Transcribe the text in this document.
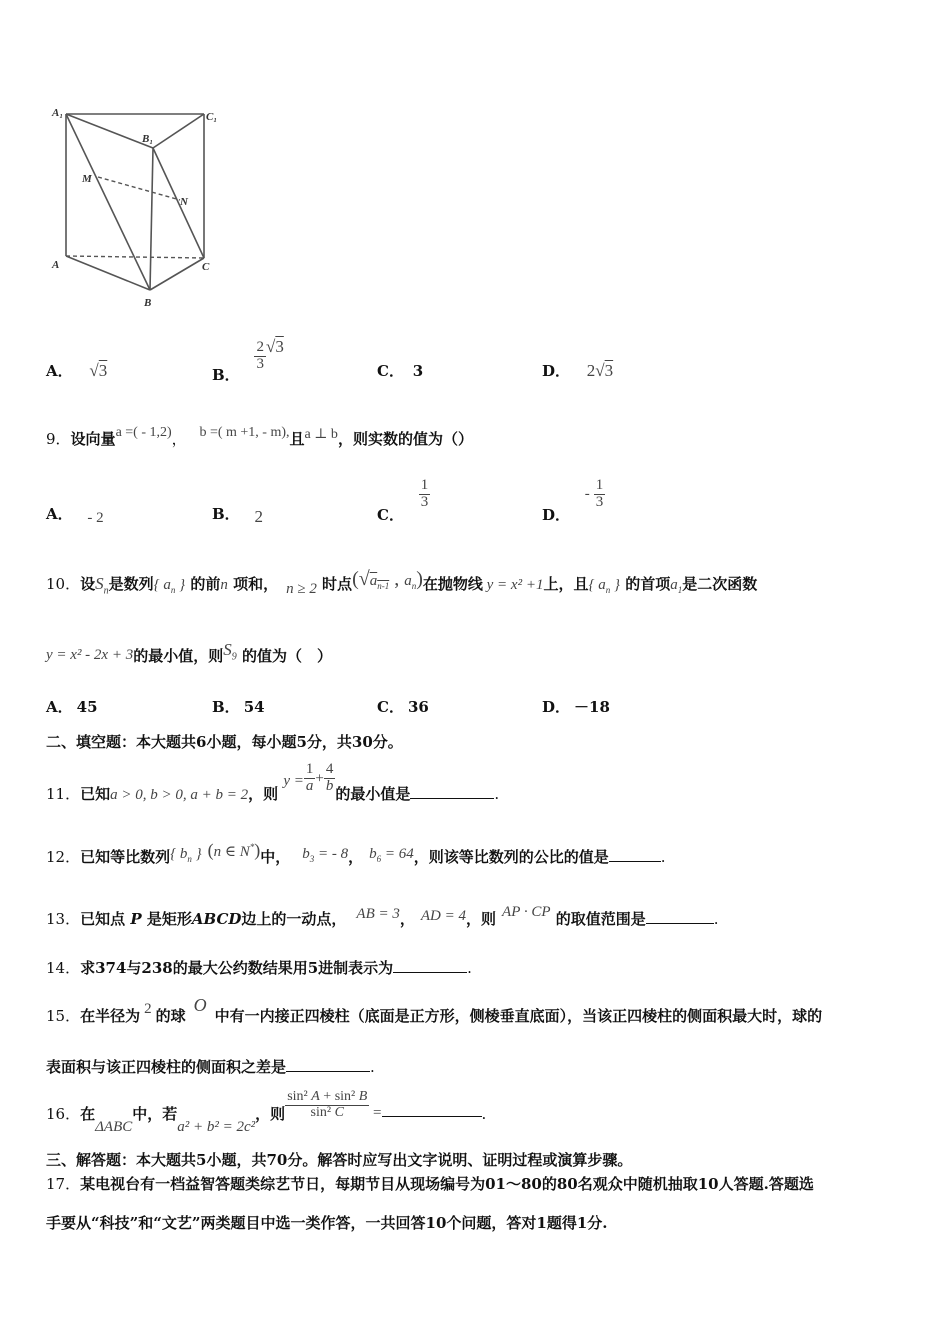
A₁	C₁
B₁
M
N
A	C
B
A． √3	B．
$\frac{2}{3} √3$
C． 3	D． 2√3
9．设向量a =( - 1,2)， b =( m +1, - m),且a ⊥ b，则实数的值为（）
A． - 2	B． 2	C．
$\frac{1}{3}$
D． - $\frac{1}{3}$
10．设$S_n$是数列{ $a_n$ } 的前n 项和， n ≥ 2 时点($√a_{n-1}$ , $a_n$)在抛物线 y = x² +1上，且{ $a_n$ } 的首项$a_1$是二次函数
y = x² - 2x + 3的最小值，则$S_9$ 的值为（　）
A． 45	B． 54	C． 36	D． －18
二、填空题：本大题共6小题，每小题5分，共30分。
11．已知a > 0, b > 0, a + b = 2，则 $y = \frac{1}{a} + \frac{4}{b}$ 的最小值是	.
12．已知等比数列{ $b_n$ } (n ∈ N*)中， $b_3$ = - 8， $b_6 = 64$，则该等比数列的公比的值是	.
13．已知点 P 是矩形ABCD边上的一动点， AB = 3， AD = 4，则 AP · CP 的取值范围是	.
14．求374与238的最大公约数结果用5进制表示为	.
15．在半径为 2 的球O中有一内接正四棱柱（底面是正方形，侧棱垂直底面），当该正四棱柱的侧面积最大时，球的
表面积与该正四棱柱的侧面积之差是	.
16．在ΔABC中，若a² + b² = 2c²，则 $\frac{\text{sin² A + sin² B}}{\text{sin² C}}$ =	.
三、解答题：本大题共5小题，共70分。解答时应写出文字说明、证明过程或演算步骤。
17．某电视台有一档益智答题类综艺节日，每期节目从现场编号为01～80的80名观众中随机抽取10人答题.答题选
手要从“科技”和“文艺”两类题目中选一类作答，一共回答10个问题，答对1题得1分.
